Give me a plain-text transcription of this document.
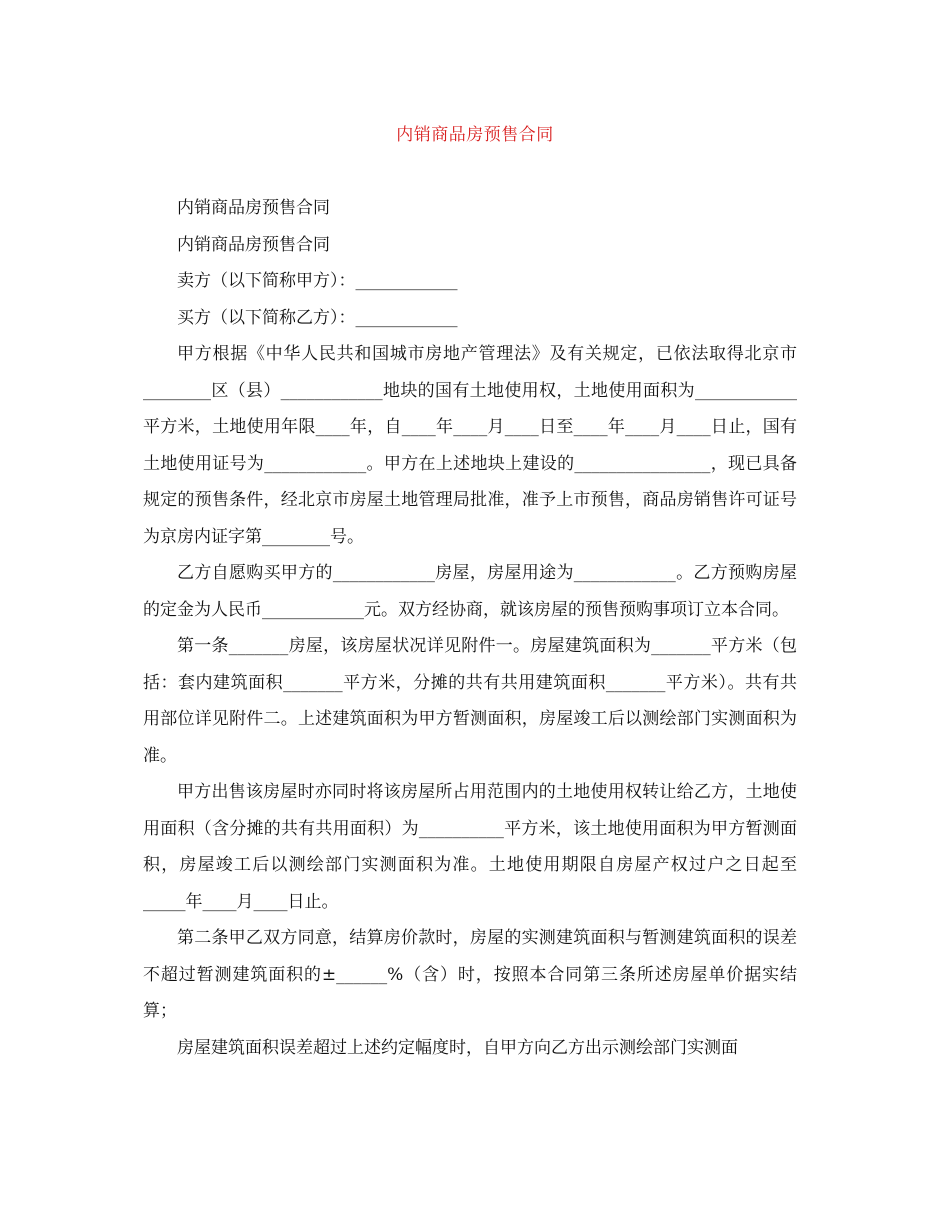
内销商品房预售合同

内销商品房预售合同

内销商品房预售合同

卖方（以下简称甲方）：____________

买方（以下简称乙方）：____________

甲方根据《中华人民共和国城市房地产管理法》及有关规定，已依法取得北京市________区（县）____________地块的国有土地使用权，土地使用面积为____________平方米，土地使用年限____年，自____年____月____日至____年____月____日止，国有土地使用证号为____________。甲方在上述地块上建设的________________，现已具备规定的预售条件，经北京市房屋土地管理局批准，准予上市预售，商品房销售许可证号为京房内证字第________号。

乙方自愿购买甲方的____________房屋，房屋用途为____________。乙方预购房屋的定金为人民币____________元。双方经协商，就该房屋的预售预购事项订立本合同。

第一条_______房屋，该房屋状况详见附件一。房屋建筑面积为_______平方米（包括：套内建筑面积_______平方米，分摊的共有共用建筑面积_______平方米）。共有共用部位详见附件二。上述建筑面积为甲方暂测面积，房屋竣工后以测绘部门实测面积为准。

甲方出售该房屋时亦同时将该房屋所占用范围内的土地使用权转让给乙方，土地使用面积（含分摊的共有共用面积）为__________平方米，该土地使用面积为甲方暂测面积，房屋竣工后以测绘部门实测面积为准。土地使用期限自房屋产权过户之日起至_____年____月____日止。

第二条甲乙双方同意，结算房价款时，房屋的实测建筑面积与暂测建筑面积的误差不超过暂测建筑面积的±______%（含）时，按照本合同第三条所述房屋单价据实结算；

房屋建筑面积误差超过上述约定幅度时，自甲方向乙方出示测绘部门实测面
